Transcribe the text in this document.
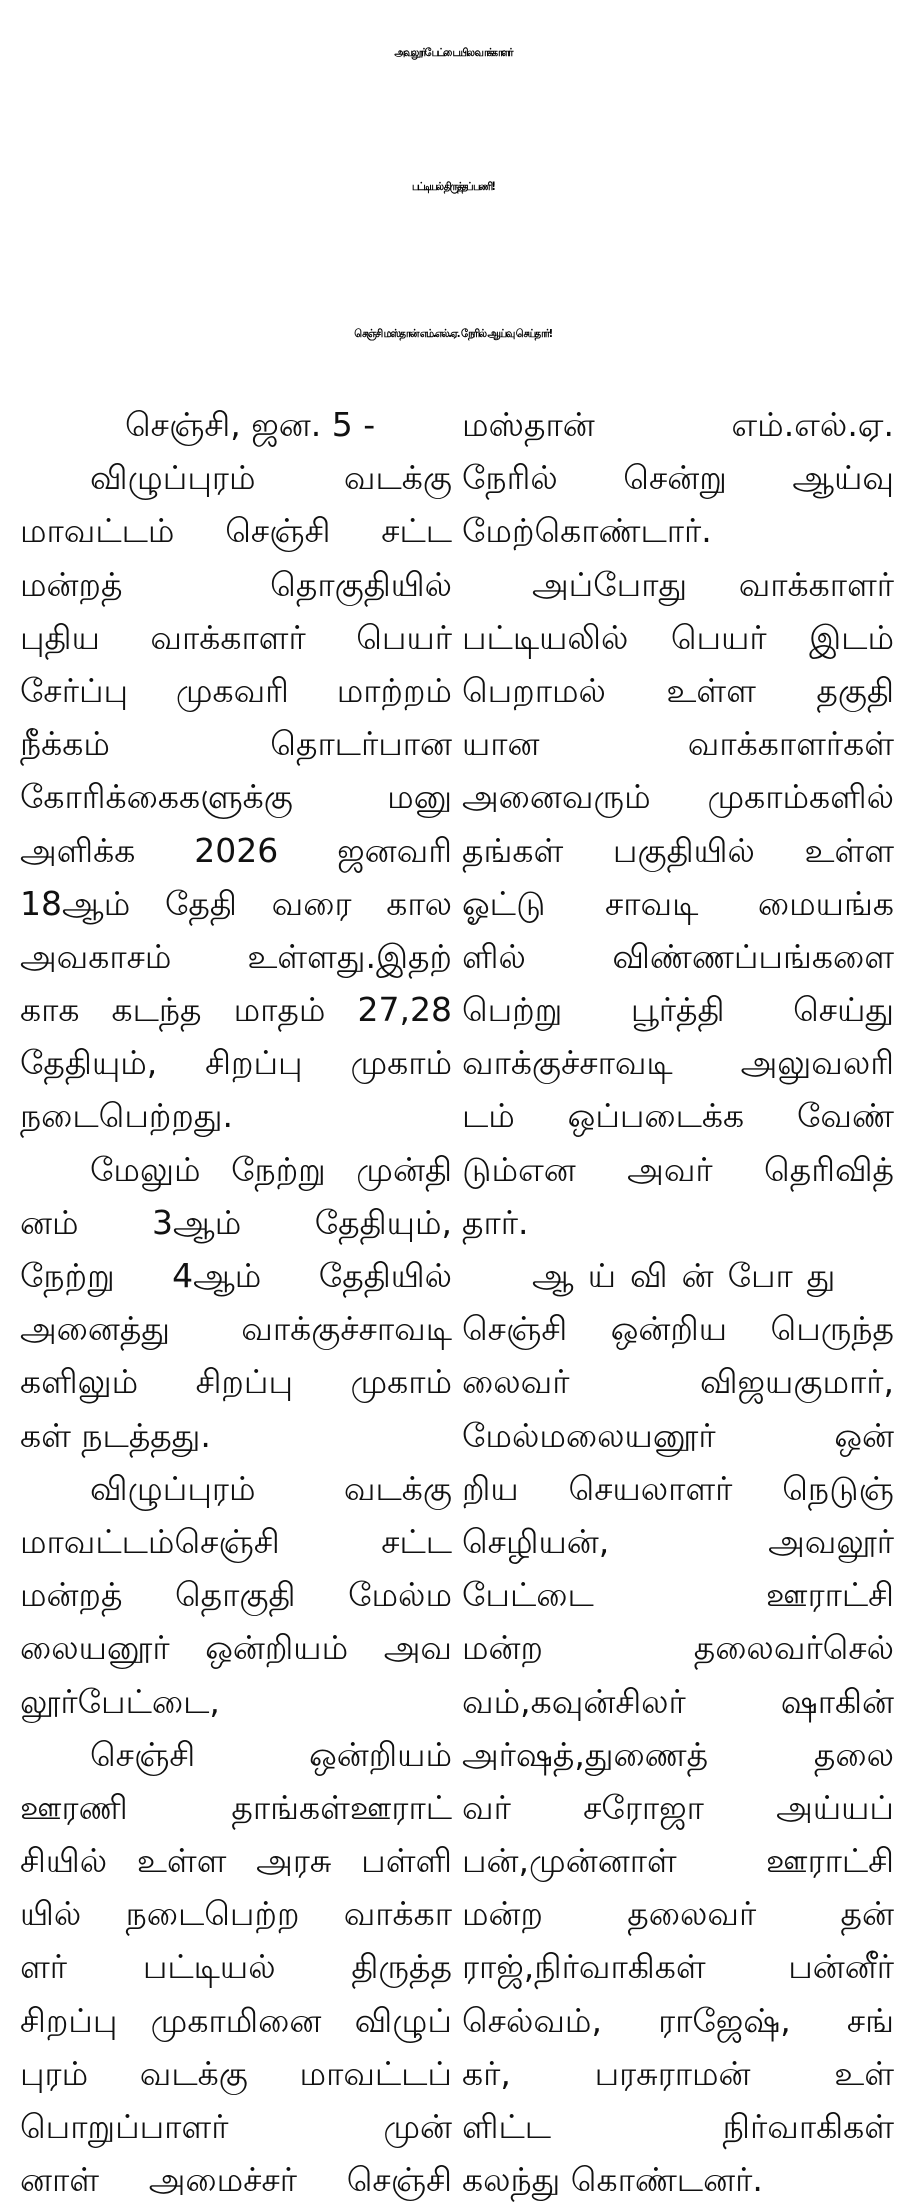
அவலூர்பேட்டையில வாக்காளர்
பட்டியல் திருத்தப் பணி!
செஞ்சி மஸ்தான் எம்.எல்.ஏ. நேரில் ஆய்வு செய்தார்!
செஞ்சி, ஜன. 5 -
விழுப்புரம் வடக்கு
மாவட்டம் செஞ்சி சட்ட
மன்றத் தொகுதியில்
புதிய வாக்காளர் பெயர்
சேர்ப்பு முகவரி மாற்றம்
நீக்கம் தொடர்பான
கோரிக்கைகளுக்கு மனு
அளிக்க 2026 ஜனவரி
18ஆம் தேதி வரை கால
அவகாசம் உள்ளது.இதற்
காக கடந்த மாதம் 27,28
தேதியும், சிறப்பு முகாம்
நடைபெற்றது.
மேலும் நேற்று முன்தி
னம் 3ஆம் தேதியும்,
நேற்று 4ஆம் தேதியில்
அனைத்து வாக்குச்சாவடி
களிலும் சிறப்பு முகாம்
கள் நடத்தது.
விழுப்புரம் வடக்கு
மாவட்டம்செஞ்சி சட்ட
மன்றத் தொகுதி மேல்ம
லையனூர் ஒன்றியம் அவ
லூர்பேட்டை,
செஞ்சி ஒன்றியம்
ஊரணி தாங்கள்ஊராட்
சியில் உள்ள அரசு பள்ளி
யில் நடைபெற்ற வாக்கா
ளர் பட்டியல் திருத்த
சிறப்பு முகாமினை விழுப்
புரம் வடக்கு மாவட்டப்
பொறுப்பாளர் முன்
னாள் அமைச்சர் செஞ்சி
மஸ்தான் எம்.எல்.ஏ.
நேரில் சென்று ஆய்வு
மேற்கொண்டார்.
அப்போது வாக்காளர்
பட்டியலில் பெயர் இடம்
பெறாமல் உள்ள தகுதி
யான வாக்காளர்கள்
அனைவரும் முகாம்களில்
தங்கள் பகுதியில் உள்ள
ஓட்டு சாவடி மையங்க
ளில் விண்ணப்பங்களை
பெற்று பூர்த்தி செய்து
வாக்குச்சாவடி அலுவலரி
டம் ஒப்படைக்க வேண்
டும்என அவர் தெரிவித்
தார்.
ஆய்வின்போது
செஞ்சி ஒன்றிய பெருந்த
லைவர் விஜயகுமார்,
மேல்மலையனூர் ஒன்
றிய செயலாளர் நெடுஞ்
செழியன், அவலூர்
பேட்டை ஊராட்சி
மன்ற தலைவர்செல்
வம்,கவுன்சிலர் ஷாகின்
அர்ஷத்,துணைத் தலை
வர் சரோஜா அய்யப்
பன்,முன்னாள் ஊராட்சி
மன்ற தலைவர் தன்
ராஜ்,நிர்வாகிகள் பன்னீர்
செல்வம், ராஜேஷ், சங்
கர், பரசுராமன் உள்
ளிட்ட நிர்வாகிகள்
கலந்து கொண்டனர்.
